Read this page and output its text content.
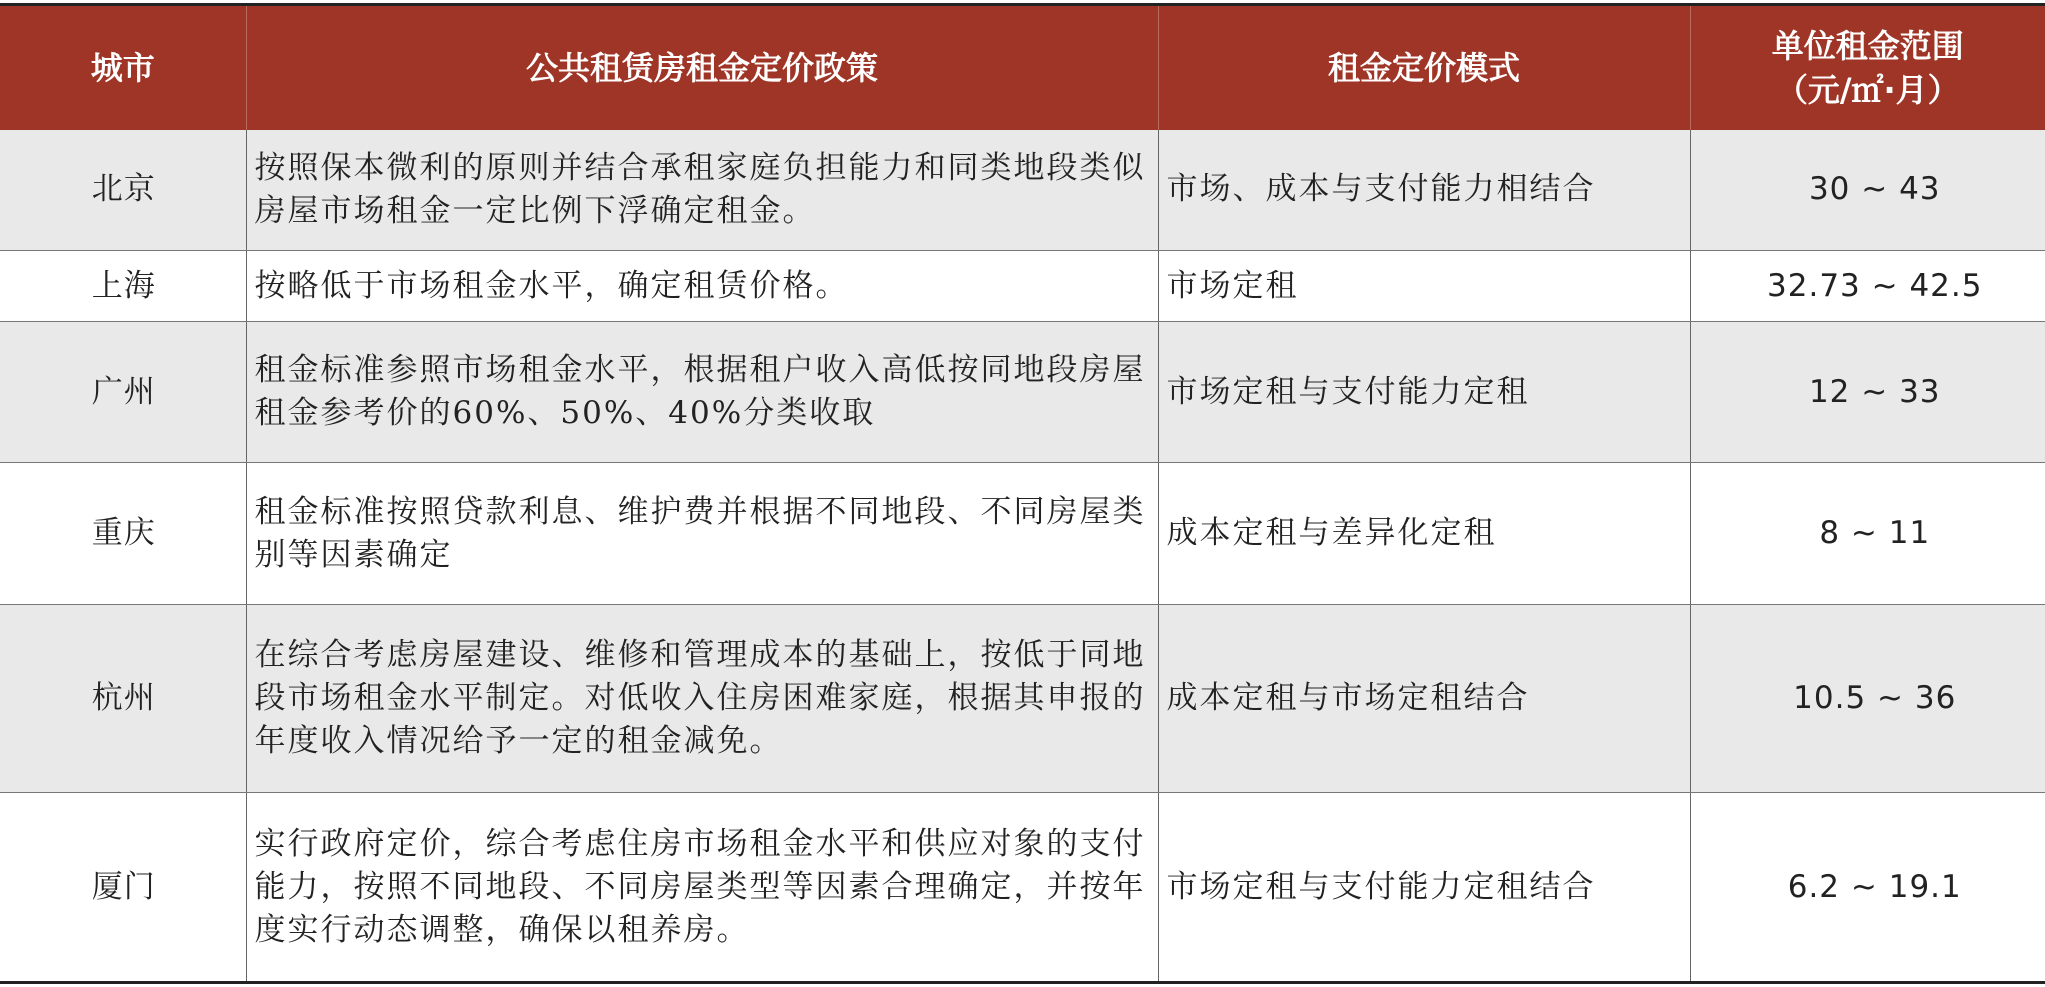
城市	公共租赁房租金定价政策	租金定价模式	单位租金范围
（元/㎡·月）

北京	按照保本微利的原则并结合承租家庭负担能力和同类地段类似房屋市场租金一定比例下浮确定租金。	市场、成本与支付能力相结合	30 ~ 43
上海	按略低于市场租金水平，确定租赁价格。	市场定租	32.73 ~ 42.5
广州	租金标准参照市场租金水平，根据租户收入高低按同地段房屋租金参考价的60%、50%、40%分类收取	市场定租与支付能力定租	12 ~ 33
重庆	租金标准按照贷款利息、维护费并根据不同地段、不同房屋类别等因素确定	成本定租与差异化定租	8 ~ 11
杭州	在综合考虑房屋建设、维修和管理成本的基础上，按低于同地段市场租金水平制定。对低收入住房困难家庭，根据其申报的年度收入情况给予一定的租金减免。	成本定租与市场定租结合	10.5 ~ 36
厦门	实行政府定价，综合考虑住房市场租金水平和供应对象的支付能力，按照不同地段、不同房屋类型等因素合理确定，并按年度实行动态调整，确保以租养房。	市场定租与支付能力定租结合	6.2 ~ 19.1
